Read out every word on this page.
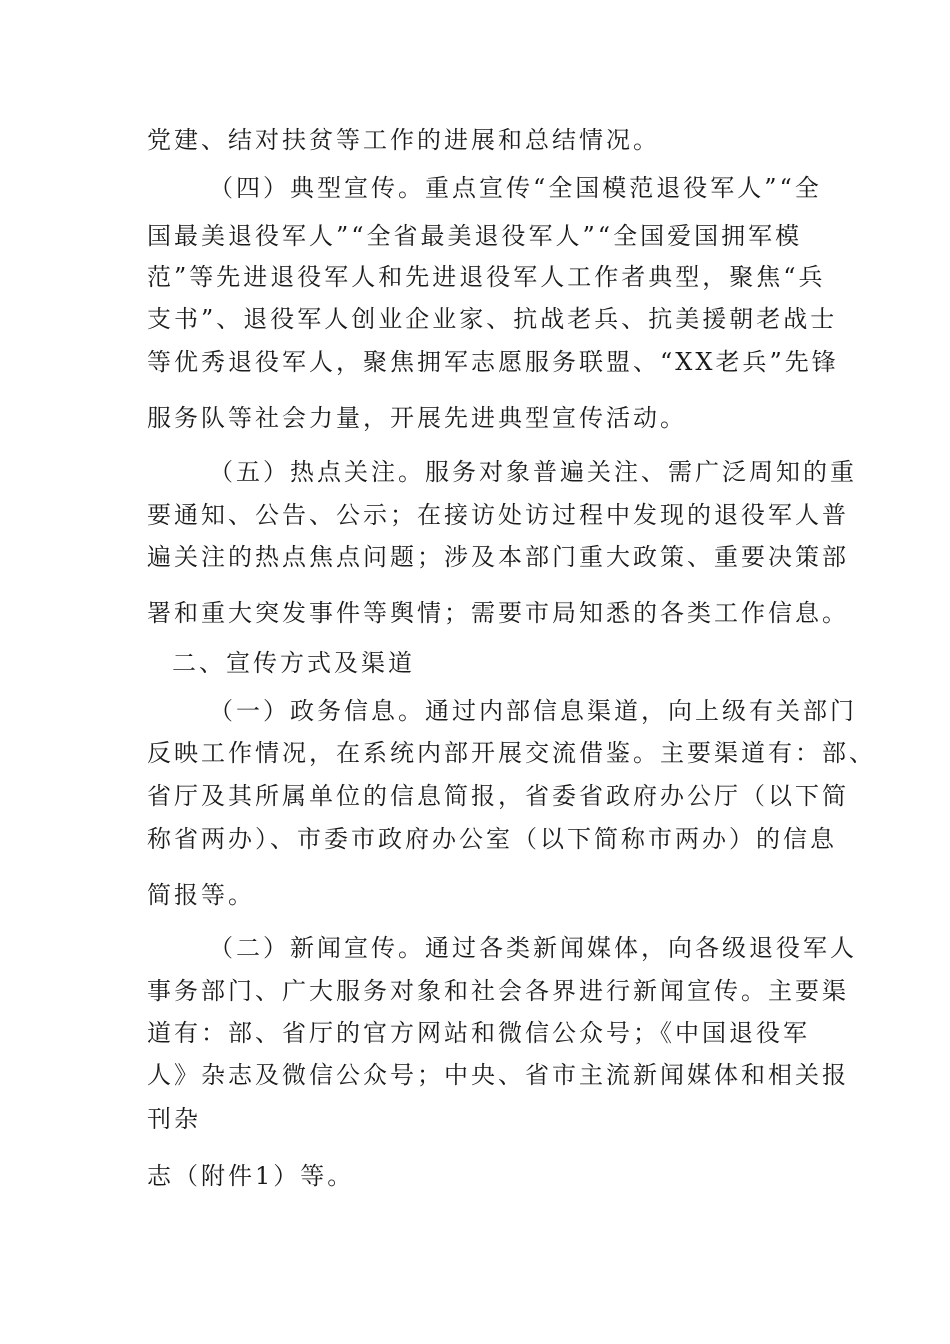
党建、结对扶贫等工作的进展和总结情况。
（四）典型宣传。重点宣传“全国模范退役军人”“全
国最美退役军人”“全省最美退役军人”“全国爱国拥军模
范”等先进退役军人和先进退役军人工作者典型，聚焦“兵
支书”、退役军人创业企业家、抗战老兵、抗美援朝老战士
等优秀退役军人，聚焦拥军志愿服务联盟、“XX老兵”先锋
服务队等社会力量，开展先进典型宣传活动。
（五）热点关注。服务对象普遍关注、需广泛周知的重
要通知、公告、公示；在接访处访过程中发现的退役军人普
遍关注的热点焦点问题；涉及本部门重大政策、重要决策部
署和重大突发事件等舆情；需要市局知悉的各类工作信息。
二、宣传方式及渠道
（一）政务信息。通过内部信息渠道，向上级有关部门
反映工作情况，在系统内部开展交流借鉴。主要渠道有：部、
省厅及其所属单位的信息简报，省委省政府办公厅（以下简
称省两办）、市委市政府办公室（以下简称市两办）的信息
简报等。
（二）新闻宣传。通过各类新闻媒体，向各级退役军人
事务部门、广大服务对象和社会各界进行新闻宣传。主要渠
道有：部、省厅的官方网站和微信公众号；《中国退役军
人》杂志及微信公众号；中央、省市主流新闻媒体和相关报
刊杂
志（附件1）等。
